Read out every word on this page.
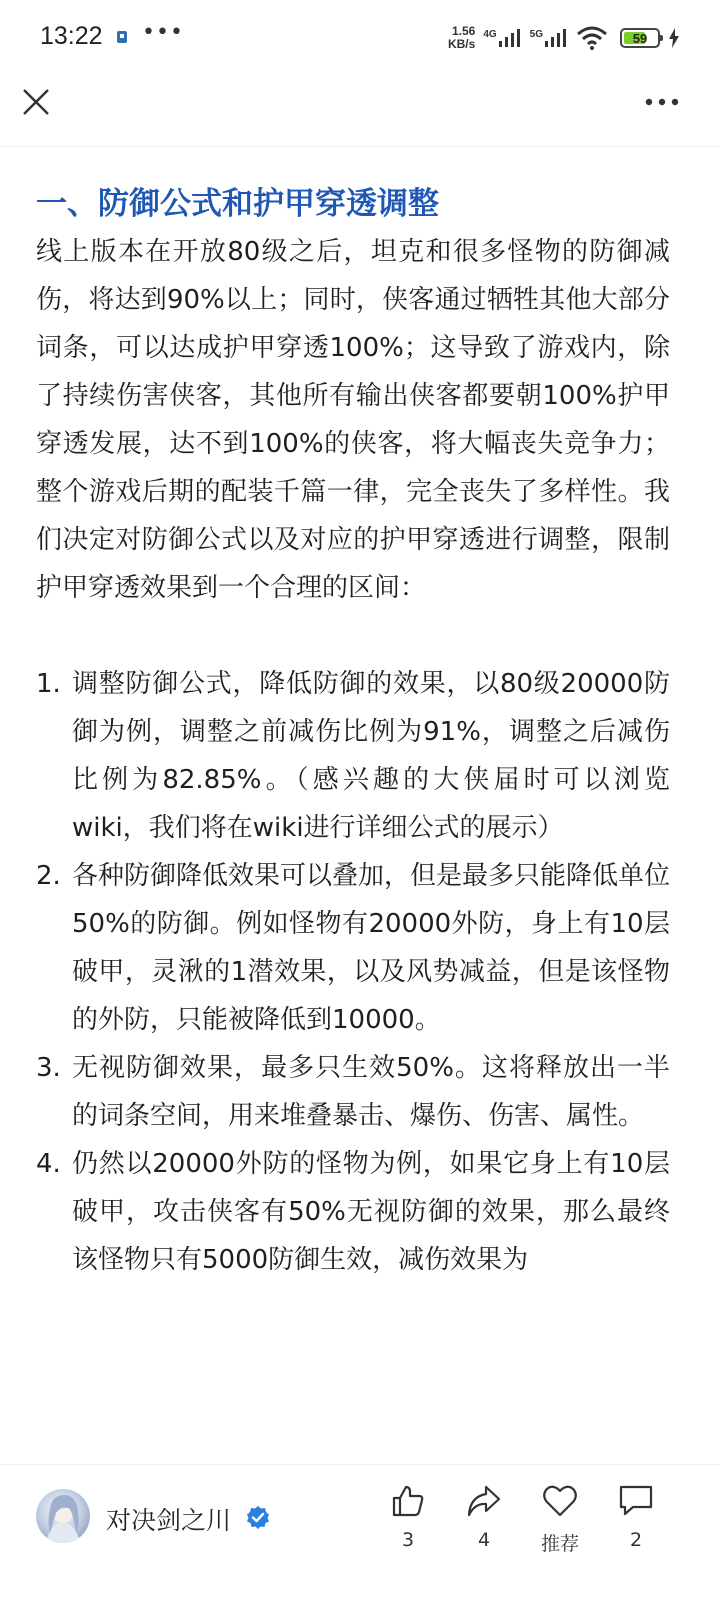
13:22 •••	1.56
KB/s
4G	5G	59
一、防御公式和护甲穿透调整

线上版本在开放80级之后，坦克和很多怪物的防御减伤，将达到90%以上；同时，侠客通过牺牲其他大部分词条，可以达成护甲穿透100%；这导致了游戏内，除了持续伤害侠客，其他所有输出侠客都要朝100%护甲穿透发展，达不到100%的侠客，将大幅丧失竞争力；整个游戏后期的配装千篇一律，完全丧失了多样性。我们决定对防御公式以及对应的护甲穿透进行调整，限制护甲穿透效果到一个合理的区间：

1. 调整防御公式，降低防御的效果，以80级20000防御为例，调整之前减伤比例为91%，调整之后减伤比例为82.85%。（感兴趣的大侠届时可以浏览wiki，我们将在wiki进行详细公式的展示）
2. 各种防御降低效果可以叠加，但是最多只能降低单位50%的防御。例如怪物有20000外防，身上有10层破甲，灵湫的1潜效果，以及风势减益，但是该怪物的外防，只能被降低到10000。
3. 无视防御效果，最多只生效50%。这将释放出一半的词条空间，用来堆叠暴击、爆伤、伤害、属性。
4. 仍然以20000外防的怪物为例，如果它身上有10层破甲，攻击侠客有50%无视防御的效果，那么最终该怪物只有5000防御生效，减伤效果为
对决剑之川
3	4	推荐	2
